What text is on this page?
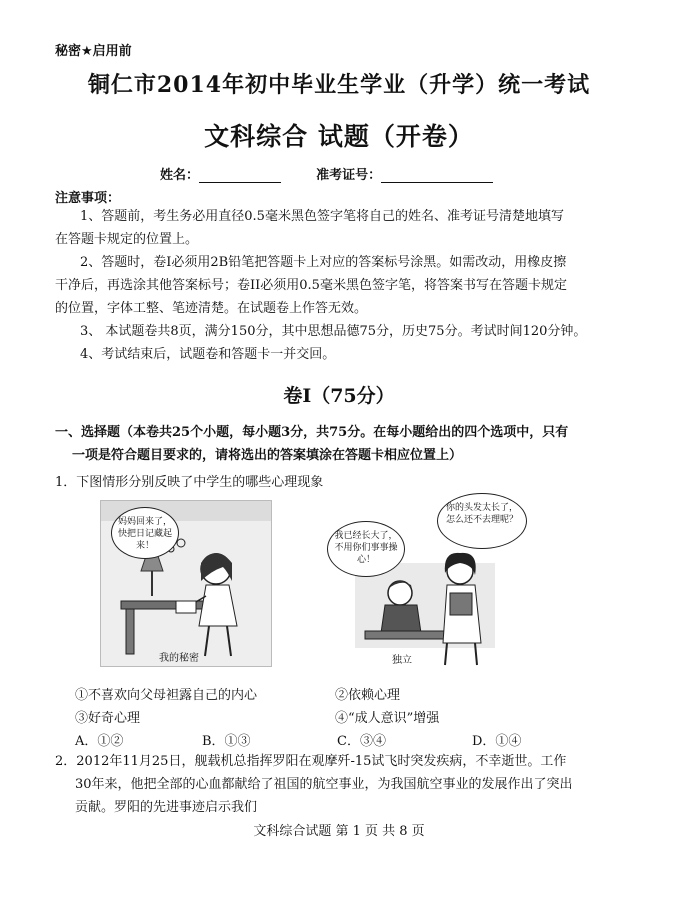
秘密★启用前
铜仁市2014年初中毕业生学业（升学）统一考试
文科综合 试题（开卷）
姓名：	准考证号：
注意事项：
1、答题前，考生务必用直径0.5毫米黑色签字笔将自己的姓名、准考证号清楚地填写
在答题卡规定的位置上。
2、答题时，卷I必须用2B铅笔把答题卡上对应的答案标号涂黑。如需改动，用橡皮擦
干净后，再选涂其他答案标号；卷II必须用0.5毫米黑色签字笔，将答案书写在答题卡规定
的位置，字体工整、笔迹清楚。在试题卷上作答无效。
3、 本试题卷共8页，满分150分，其中思想品德75分，历史75分。考试时间120分钟。
4、考试结束后，试题卷和答题卡一并交回。
卷Ⅰ（75分）
一、选择题（本卷共25个小题，每小题3分，共75分。在每小题给出的四个选项中，只有
一项是符合题目要求的，请将选出的答案填涂在答题卡相应位置上）
1．下图情形分别反映了中学生的哪些心理现象
妈妈回来了，快把日记藏起来！
我的秘密
我已经长大了，不用你们事事操心！
你的头发太长了，怎么还不去理呢？
独立
①不喜欢向父母袒露自己的内心	②依赖心理
③好奇心理	④“成人意识”增强
A．①②	B．①③	C．③④	D．①④
2．2012年11月25日，舰载机总指挥罗阳在观摩歼-15试飞时突发疾病，不幸逝世。工作
30年来，他把全部的心血都献给了祖国的航空事业，为我国航空事业的发展作出了突出
贡献。罗阳的先进事迹启示我们
文科综合试题 第 1 页 共 8 页
